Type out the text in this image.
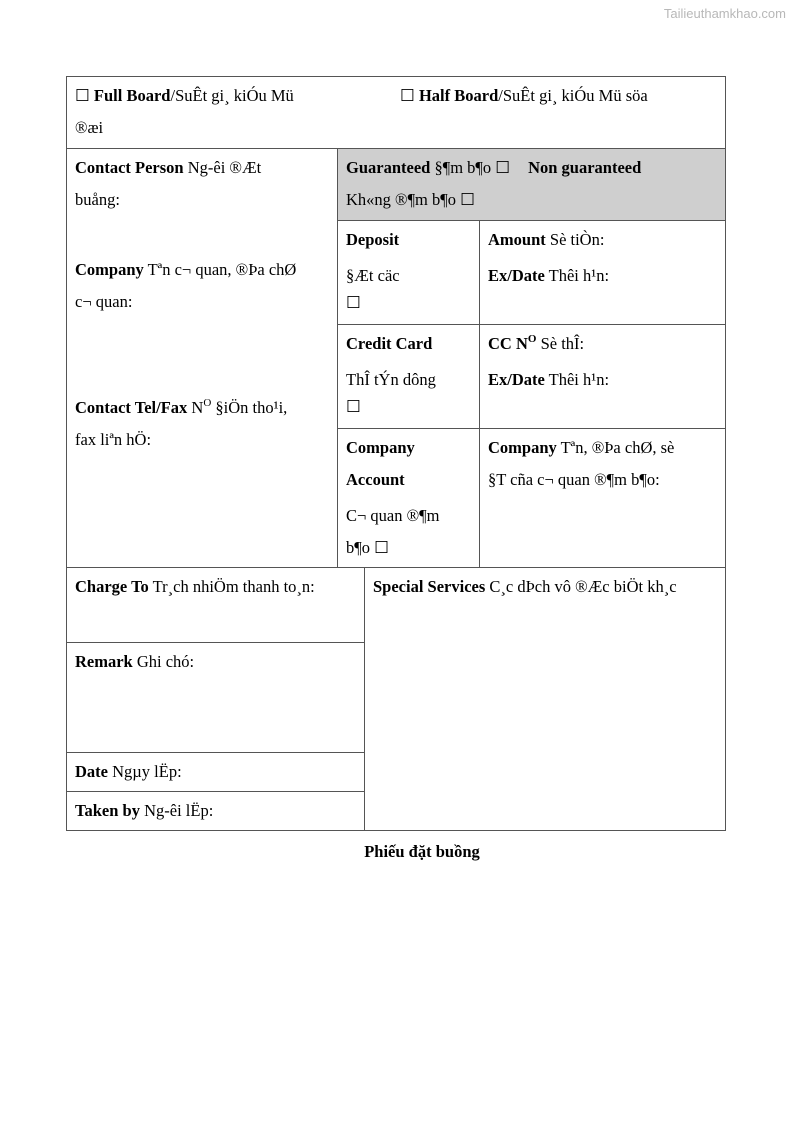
Tailieuthamkhao.com
☐ Full Board/SuÊt gi¸ kiÓu Mü	☐ Half Board/SuÊt gi¸ kiÓu Mü söa
®æi
Contact Person Ng-êi ®Æt
buång:
Company Tªn c¬ quan, ®Þa chØ
c¬ quan:
Contact Tel/Fax $N^O$ §iÖn tho¹i,
fax liªn hÖ:
Guaranteed §¶m b¶o ☐ Non guaranteed
Kh«ng ®¶m b¶o ☐
Deposit
§Æt cäc
☐
Amount Sè tiÒn:
Ex/Date Thêi h¹n:
Credit Card
ThÎ tÝn dông
☐
CC $N^O$ Sè thÎ:
Ex/Date Thêi h¹n:
Company
Account
C¬ quan ®¶m
b¶o ☐
Company Tªn, ®Þa chØ, sè
§T cña c¬ quan ®¶m b¶o:
Charge To Tr¸ch nhiÖm thanh to¸n:	Special Services C¸c dÞch vô ®Æc biÖt kh¸c
Remark Ghi chó:
Date Ngµy lËp:
Taken by Ng-êi lËp:
Phiếu đặt buồng
